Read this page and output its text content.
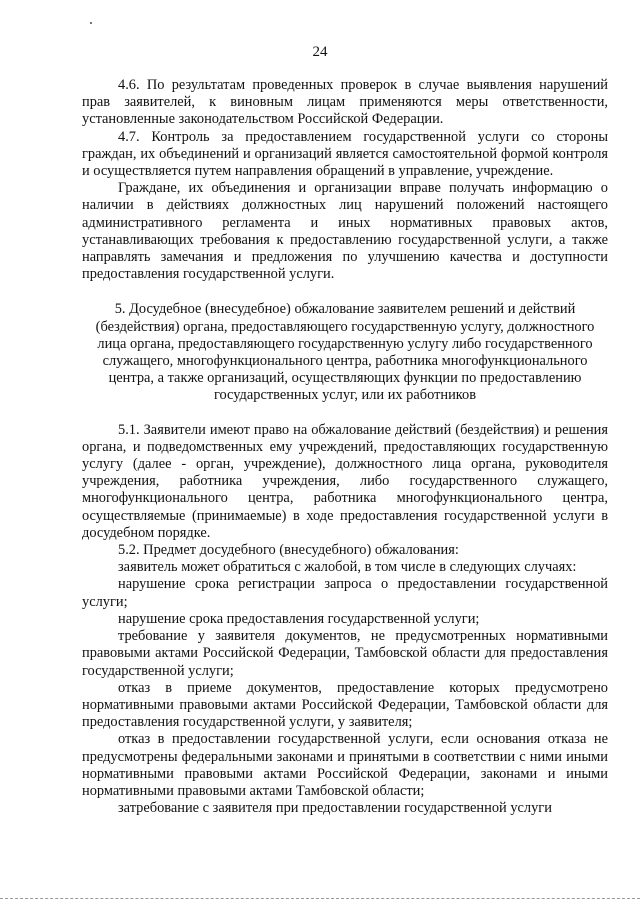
24

4.6. По результатам проведенных проверок в случае выявления нарушений прав заявителей, к виновным лицам применяются меры ответственности, установленные законодательством Российской Федерации.

4.7. Контроль за предоставлением государственной услуги со стороны граждан, их объединений и организаций является самостоятельной формой контроля и осуществляется путем направления обращений в управление, учреждение.

Граждане, их объединения и организации вправе получать информацию о наличии в действиях должностных лиц нарушений положений настоящего административного регламента и иных нормативных правовых актов, устанавливающих требования к предоставлению государственной услуги, а также направлять замечания и предложения по улучшению качества и доступности предоставления государственной услуги.

5. Досудебное (внесудебное) обжалование заявителем решений и действий (бездействия) органа, предоставляющего государственную услугу, должностного лица органа, предоставляющего государственную услугу либо государственного служащего, многофункционального центра, работника многофункционального центра, а также организаций, осуществляющих функции по предоставлению государственных услуг, или их работников

5.1. Заявители имеют право на обжалование действий (бездействия) и решения органа, и подведомственных ему учреждений, предоставляющих государственную услугу (далее - орган, учреждение), должностного лица органа, руководителя учреждения, работника учреждения, либо государственного служащего, многофункционального центра, работника многофункционального центра, осуществляемые (принимаемые) в ходе предоставления государственной услуги в досудебном порядке.

5.2. Предмет досудебного (внесудебного) обжалования:

заявитель может обратиться с жалобой, в том числе в следующих случаях:

нарушение срока регистрации запроса о предоставлении государственной услуги;

нарушение срока предоставления государственной услуги;

требование у заявителя документов, не предусмотренных нормативными правовыми актами Российской Федерации, Тамбовской области для предоставления государственной услуги;

отказ в приеме документов, предоставление которых предусмотрено нормативными правовыми актами Российской Федерации, Тамбовской области для предоставления государственной услуги, у заявителя;

отказ в предоставлении государственной услуги, если основания отказа не предусмотрены федеральными законами и принятыми в соответствии с ними иными нормативными правовыми актами Российской Федерации, законами и иными нормативными правовыми актами Тамбовской области;

затребование с заявителя при предоставлении государственной услуги
